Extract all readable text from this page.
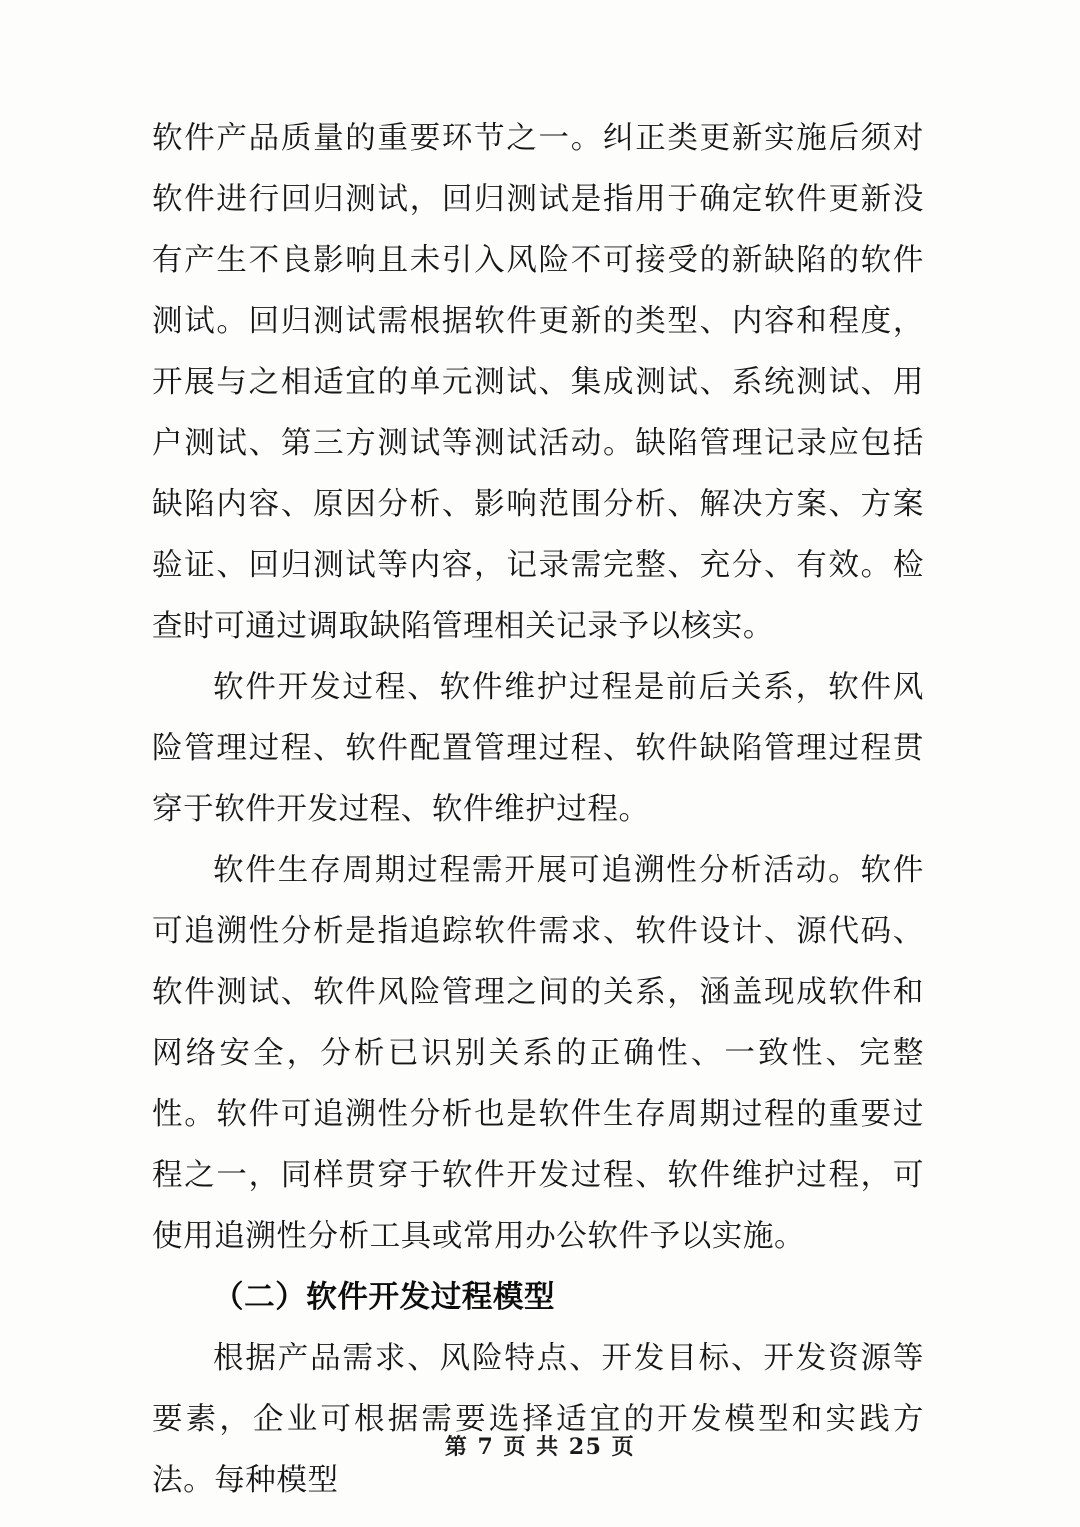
软件产品质量的重要环节之一。纠正类更新实施后须对软件进行回归测试，回归测试是指用于确定软件更新没有产生不良影响且未引入风险不可接受的新缺陷的软件测试。回归测试需根据软件更新的类型、内容和程度，开展与之相适宜的单元测试、集成测试、系统测试、用户测试、第三方测试等测试活动。缺陷管理记录应包括缺陷内容、原因分析、影响范围分析、解决方案、方案验证、回归测试等内容，记录需完整、充分、有效。检查时可通过调取缺陷管理相关记录予以核实。

软件开发过程、软件维护过程是前后关系，软件风险管理过程、软件配置管理过程、软件缺陷管理过程贯穿于软件开发过程、软件维护过程。

软件生存周期过程需开展可追溯性分析活动。软件可追溯性分析是指追踪软件需求、软件设计、源代码、软件测试、软件风险管理之间的关系，涵盖现成软件和网络安全，分析已识别关系的正确性、一致性、完整性。软件可追溯性分析也是软件生存周期过程的重要过程之一，同样贯穿于软件开发过程、软件维护过程，可使用追溯性分析工具或常用办公软件予以实施。

（二）软件开发过程模型

根据产品需求、风险特点、开发目标、开发资源等要素，企业可根据需要选择适宜的开发模型和实践方法。每种模型

第 7 页 共 25 页
